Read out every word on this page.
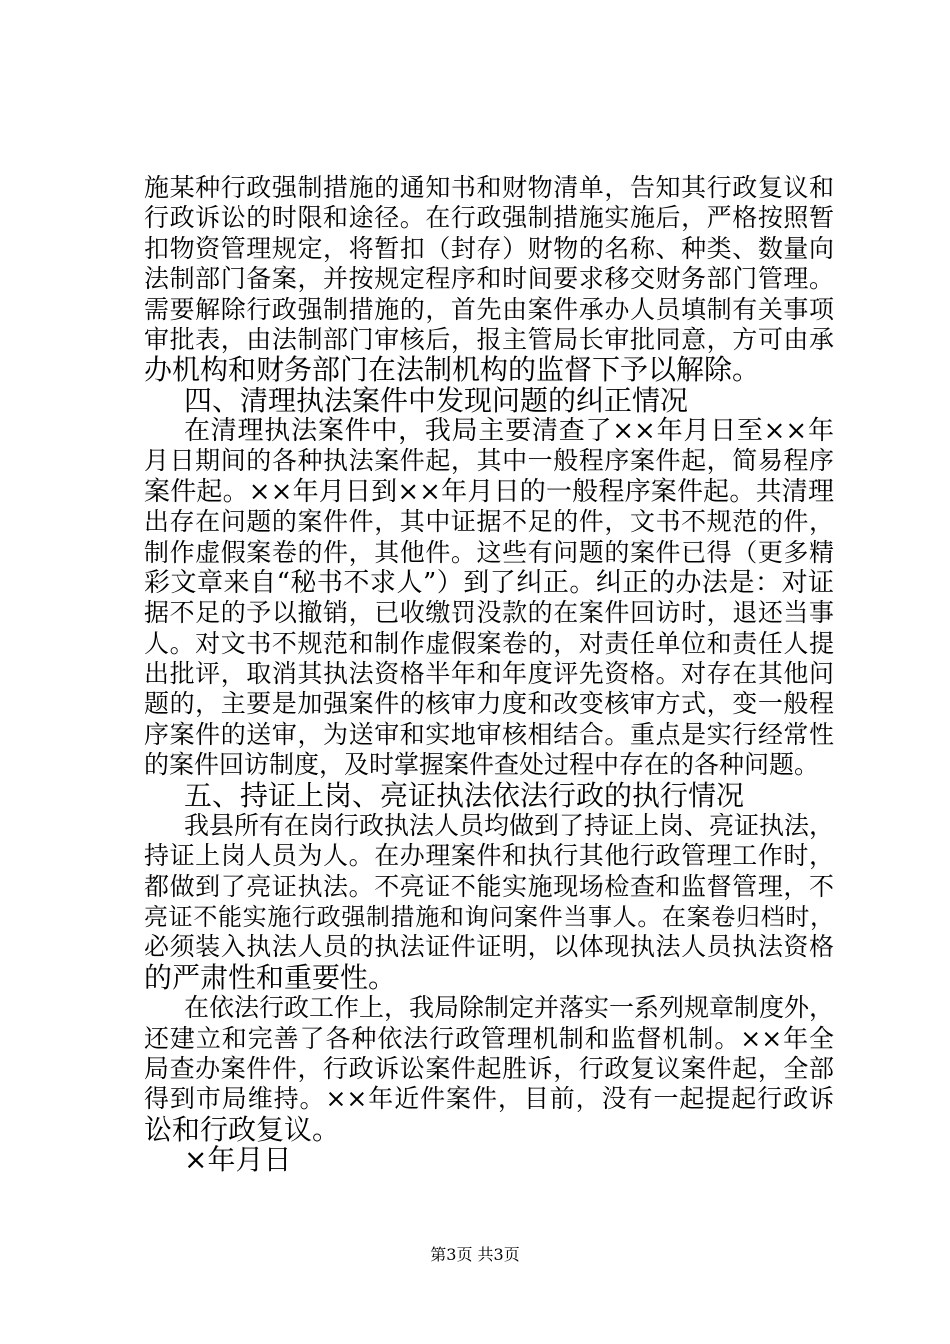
施某种行政强制措施的通知书和财物清单，告知其行政复议和
行政诉讼的时限和途径。在行政强制措施实施后，严格按照暂
扣物资管理规定，将暂扣（封存）财物的名称、种类、数量向
法制部门备案，并按规定程序和时间要求移交财务部门管理。
需要解除行政强制措施的，首先由案件承办人员填制有关事项
审批表，由法制部门审核后，报主管局长审批同意，方可由承
办机构和财务部门在法制机构的监督下予以解除。
四、清理执法案件中发现问题的纠正情况
在清理执法案件中，我局主要清查了××年月日至××年
月日期间的各种执法案件起，其中一般程序案件起，简易程序
案件起。××年月日到××年月日的一般程序案件起。共清理
出存在问题的案件件，其中证据不足的件，文书不规范的件，
制作虚假案卷的件，其他件。这些有问题的案件已得（更多精
彩文章来自“秘书不求人”）到了纠正。纠正的办法是：对证
据不足的予以撤销，已收缴罚没款的在案件回访时，退还当事
人。对文书不规范和制作虚假案卷的，对责任单位和责任人提
出批评，取消其执法资格半年和年度评先资格。对存在其他问
题的，主要是加强案件的核审力度和改变核审方式，变一般程
序案件的送审，为送审和实地审核相结合。重点是实行经常性
的案件回访制度，及时掌握案件查处过程中存在的各种问题。
五、持证上岗、亮证执法依法行政的执行情况
我县所有在岗行政执法人员均做到了持证上岗、亮证执法，
持证上岗人员为人。在办理案件和执行其他行政管理工作时，
都做到了亮证执法。不亮证不能实施现场检查和监督管理，不
亮证不能实施行政强制措施和询问案件当事人。在案卷归档时，
必须装入执法人员的执法证件证明，以体现执法人员执法资格
的严肃性和重要性。
在依法行政工作上，我局除制定并落实一系列规章制度外，
还建立和完善了各种依法行政管理机制和监督机制。××年全
局查办案件件，行政诉讼案件起胜诉，行政复议案件起，全部
得到市局维持。××年近件案件，目前，没有一起提起行政诉
讼和行政复议。
×年月日
第3页 共3页
